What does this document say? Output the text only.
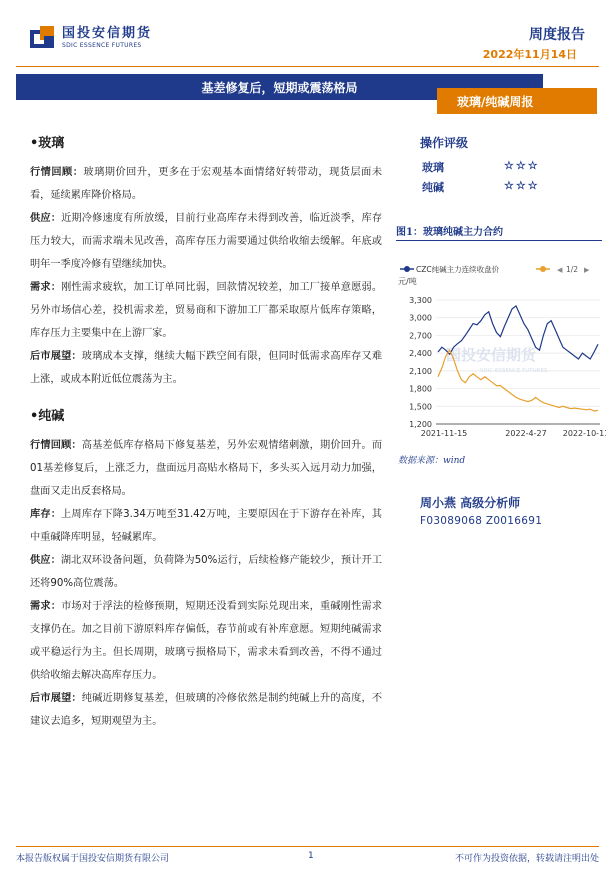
国投安信期货
SDIC ESSENCE FUTURES
周度报告
2022年11月14日
基差修复后，短期或震荡格局
玻璃/纯碱周报
•玻璃
行情回顾：玻璃期价回升，更多在于宏观基本面情绪好转带动，现货层面未看，延续累库降价格局。
供应：近期冷修速度有所放缓，目前行业高库存未得到改善，临近淡季，库存压力较大，而需求端未见改善，高库存压力需要通过供给收缩去缓解。年底或明年一季度冷修有望继续加快。
需求：刚性需求疲软，加工订单同比弱，回款情况较差，加工厂接单意愿弱。另外市场信心差，投机需求差，贸易商和下游加工厂都采取原片低库存策略，库存压力主要集中在上游厂家。
后市展望：玻璃成本支撑，继续大幅下跌空间有限，但同时低需求高库存又难上涨，或成本附近低位震荡为主。
•纯碱
行情回顾：高基差低库存格局下修复基差，另外宏观情绪刺激，期价回升。而01基差修复后，上涨乏力，盘面远月高贴水格局下，多头买入远月动力加强，盘面又走出反套格局。
库存：上周库存下降3.34万吨至31.42万吨，主要原因在于下游存在补库，其中重碱降库明显，轻碱累库。
供应：湖北双环设备问题，负荷降为50%运行，后续检修产能较少，预计开工还将90%高位震荡。
需求：市场对于浮法的检修预期，短期还没看到实际兑现出来，重碱刚性需求支撑仍在。加之目前下游原料库存偏低，春节前或有补库意愿。短期纯碱需求或平稳运行为主。但长周期，玻璃亏损格局下，需求未看到改善，不得不通过供给收缩去解决高库存压力。
后市展望：纯碱近期修复基差，但玻璃的冷修依然是制约纯碱上升的高度，不建议去追多，短期观望为主。
操作评级
玻璃	☆☆☆
纯碱	☆☆☆
图1：玻璃纯碱主力合约
CZC纯碱主力连续收盘价	◀ 1/2 ▶
元/吨
1,200
1,500
1,800
2,100
2,400
2,700
3,000
3,300
国投安信期货
SDIC ESSENCE FUTURES
2021-11-15	2022-4-27 2022-10-11
数据来源：wind
周小燕 高级分析师
F03089068 Z0016691
本报告版权属于国投安信期货有限公司	1	不可作为投资依据，转载请注明出处
